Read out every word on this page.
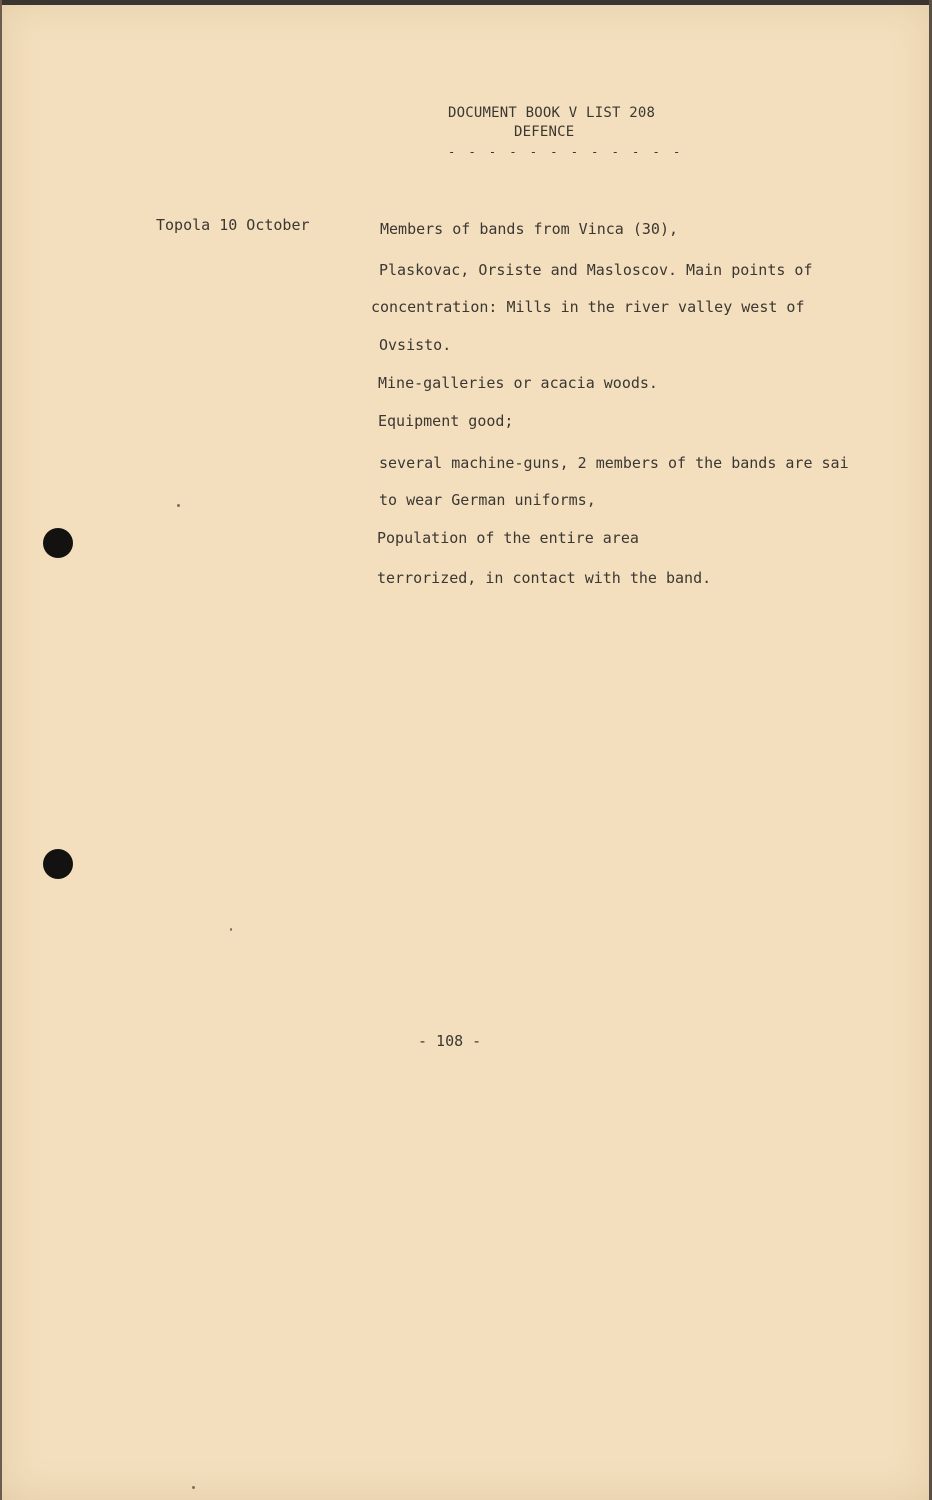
DOCUMENT BOOK V LIST 208
DEFENCE
- - - - - - - - - - - -
Topola 10 October	Members of bands from Vinca (30),
Plaskovac, Orsiste and Masloscov. Main points of
concentration: Mills in the river valley west of
Ovsisto.
Mine-galleries or acacia woods.
Equipment good;
several machine-guns, 2 members of the bands are sai
to wear German uniforms,
Population of the entire area
terrorized, in contact with the band.
- 108 -
